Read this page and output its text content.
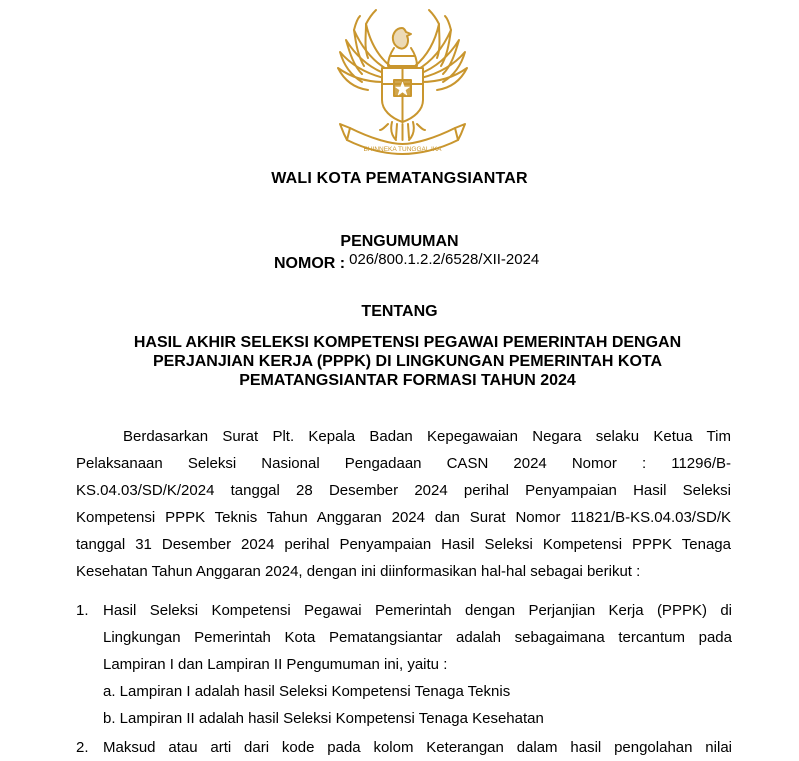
BHINNEKA TUNGGAL IKA
WALI KOTA PEMATANGSIANTAR
PENGUMUMAN
NOMOR : 026/800.1.2.2/6528/XII-2024
TENTANG
HASIL AKHIR SELEKSI KOMPETENSI PEGAWAI PEMERINTAH DENGAN
PERJANJIAN KERJA (PPPK) DI LINGKUNGAN PEMERINTAH KOTA
PEMATANGSIANTAR FORMASI TAHUN 2024
Berdasarkan Surat Plt. Kepala Badan Kepegawaian Negara selaku Ketua Tim
Pelaksanaan Seleksi Nasional Pengadaan CASN 2024 Nomor : 11296/B-
KS.04.03/SD/K/2024 tanggal 28 Desember 2024 perihal Penyampaian Hasil Seleksi
Kompetensi PPPK Teknis Tahun Anggaran 2024 dan Surat Nomor 11821/B-KS.04.03/SD/K
tanggal 31 Desember 2024 perihal Penyampaian Hasil Seleksi Kompetensi PPPK Tenaga
Kesehatan Tahun Anggaran 2024, dengan ini diinformasikan hal-hal sebagai berikut :
1. Hasil Seleksi Kompetensi Pegawai Pemerintah dengan Perjanjian Kerja (PPPK) di
Lingkungan Pemerintah Kota Pematangsiantar adalah sebagaimana tercantum pada
Lampiran I dan Lampiran II Pengumuman ini, yaitu :
a. Lampiran I adalah hasil Seleksi Kompetensi Tenaga Teknis
b. Lampiran II adalah hasil Seleksi Kompetensi Tenaga Kesehatan
2. Maksud atau arti dari kode pada kolom Keterangan dalam hasil pengolahan nilai
